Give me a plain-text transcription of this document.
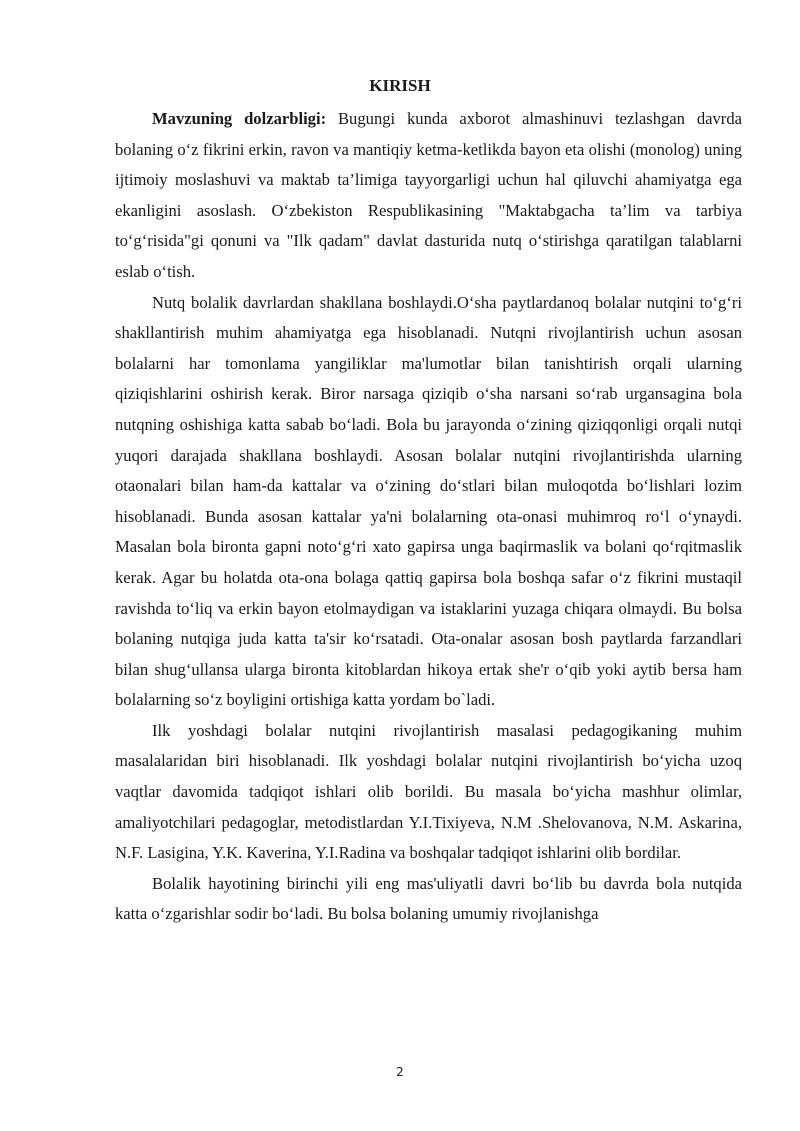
KIRISH

Mavzuning dolzarbligi: Bugungi kunda axborot almashinuvi tezlashgan davrda bolaning o‘z fikrini erkin, ravon va mantiqiy ketma-ketlikda bayon eta olishi (monolog) uning ijtimoiy moslashuvi va maktab ta’limiga tayyorgarligi uchun hal qiluvchi ahamiyatga ega ekanligini asoslash. O‘zbekiston Respublikasining "Maktabgacha ta’lim va tarbiya to‘g‘risida"gi qonuni va "Ilk qadam" davlat dasturida nutq o‘stirishga qaratilgan talablarni eslab o‘tish.

Nutq bolalik davrlardan shakllana boshlaydi.O‘sha paytlardanoq bolalar nutqini to‘g‘ri shakllantirish muhim ahamiyatga ega hisoblanadi. Nutqni rivojlantirish uchun asosan bolalarni har tomonlama yangiliklar ma'lumotlar bilan tanishtirish orqali ularning qiziqishlarini oshirish kerak. Biror narsaga qiziqib o‘sha narsani so‘rab urgansagina bola nutqning oshishiga katta sabab bo‘ladi. Bola bu jarayonda o‘zining qiziqqonligi orqali nutqi yuqori darajada shakllana boshlaydi. Asosan bolalar nutqini rivojlantirishda ularning otaonalari bilan ham-da kattalar va o‘zining do‘stlari bilan muloqotda bo‘lishlari lozim hisoblanadi. Bunda asosan kattalar ya'ni bolalarning ota-onasi muhimroq ro‘l o‘ynaydi. Masalan bola bironta gapni noto‘g‘ri xato gapirsa unga baqirmaslik va bolani qo‘rqitmaslik kerak. Agar bu holatda ota-ona bolaga qattiq gapirsa bola boshqa safar o‘z fikrini mustaqil ravishda to‘liq va erkin bayon etolmaydigan va istaklarini yuzaga chiqara olmaydi. Bu bolsa bolaning nutqiga juda katta ta'sir ko‘rsatadi. Ota-onalar asosan bosh paytlarda farzandlari bilan shug‘ullansa ularga bironta kitoblardan hikoya ertak she'r o‘qib yoki aytib bersa ham bolalarning so‘z boyligini ortishiga katta yordam bo`ladi.

Ilk yoshdagi bolalar nutqini rivojlantirish masalasi pedagogikaning muhim masalalaridan biri hisoblanadi. Ilk yoshdagi bolalar nutqini rivojlantirish bo‘yicha uzoq vaqtlar davomida tadqiqot ishlari olib borildi. Bu masala bo‘yicha mashhur olimlar, amaliyotchilari pedagoglar, metodistlardan Y.I.Tixiyeva, N.M .Shelovanova, N.M. Askarina, N.F. Lasigina, Y.K. Kaverina, Y.I.Radina va boshqalar tadqiqot ishlarini olib bordilar.

Bolalik hayotining birinchi yili eng mas'uliyatli davri bo‘lib bu davrda bola nutqida katta o‘zgarishlar sodir bo‘ladi. Bu bolsa bolaning umumiy rivojlanishga

2
